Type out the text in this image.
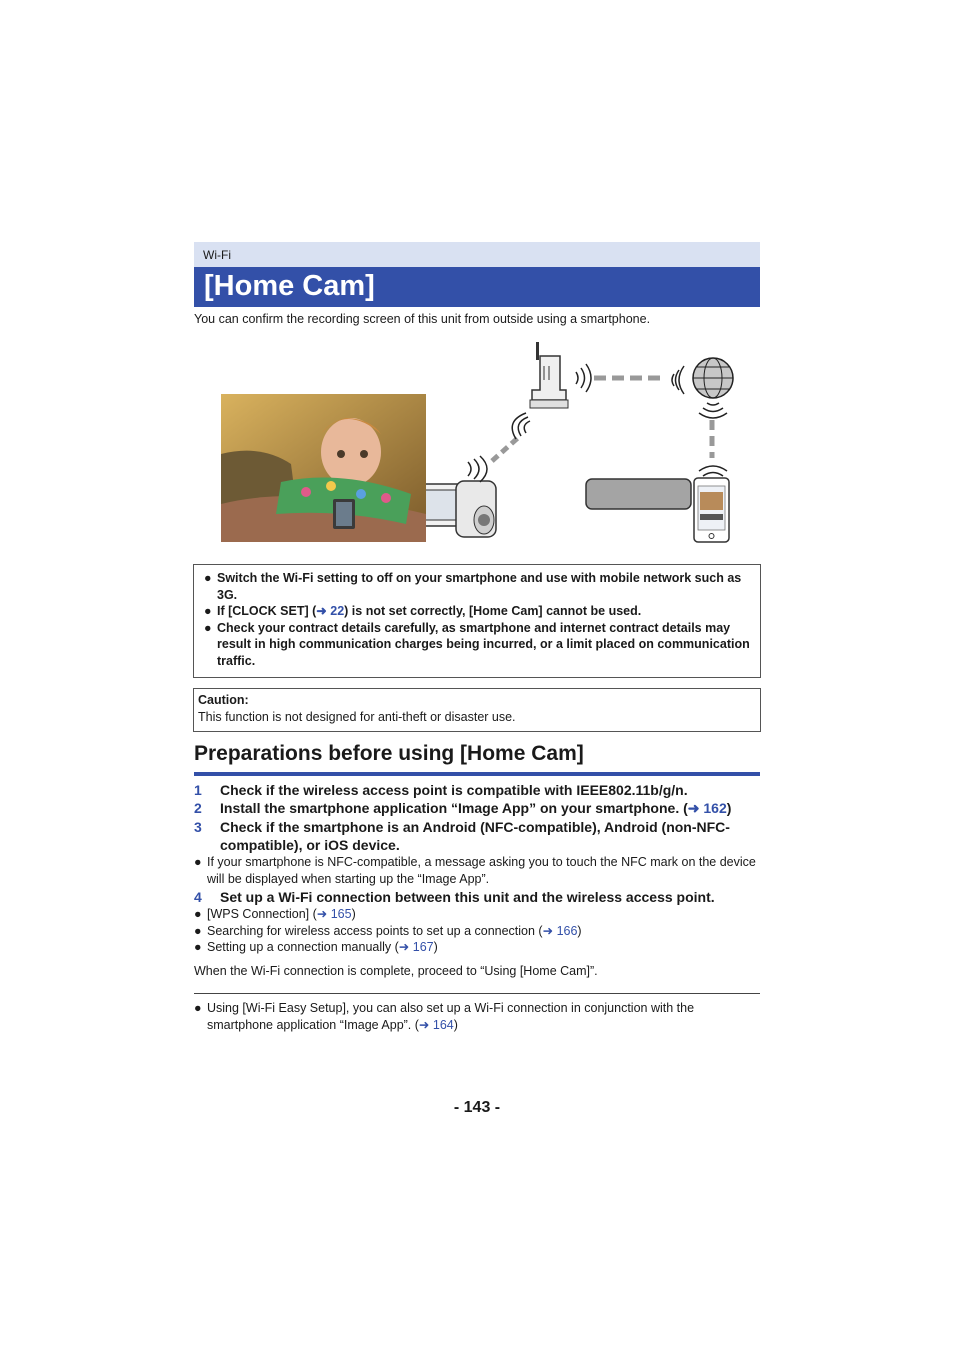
Wi-Fi
[Home Cam]
You can confirm the recording screen of this unit from outside using a smartphone.
● Switch the Wi-Fi setting to off on your smartphone and use with mobile network such as 3G.
● If [CLOCK SET] (➜ 22) is not set correctly, [Home Cam] cannot be used.
● Check your contract details carefully, as smartphone and internet contract details may result in high communication charges being incurred, or a limit placed on communication traffic.
Caution:
This function is not designed for anti-theft or disaster use.
Preparations before using [Home Cam]
1 Check if the wireless access point is compatible with IEEE802.11b/g/n.
2 Install the smartphone application “Image App” on your smartphone. (➜ 162)
3 Check if the smartphone is an Android (NFC-compatible), Android (non-NFC-compatible), or iOS device.
● If your smartphone is NFC-compatible, a message asking you to touch the NFC mark on the device will be displayed when starting up the “Image App”.
4 Set up a Wi-Fi connection between this unit and the wireless access point.
● [WPS Connection] (➜ 165)
● Searching for wireless access points to set up a connection (➜ 166)
● Setting up a connection manually (➜ 167)
When the Wi-Fi connection is complete, proceed to “Using [Home Cam]”.
● Using [Wi-Fi Easy Setup], you can also set up a Wi-Fi connection in conjunction with the smartphone application “Image App”. (➜ 164)
- 143 -
